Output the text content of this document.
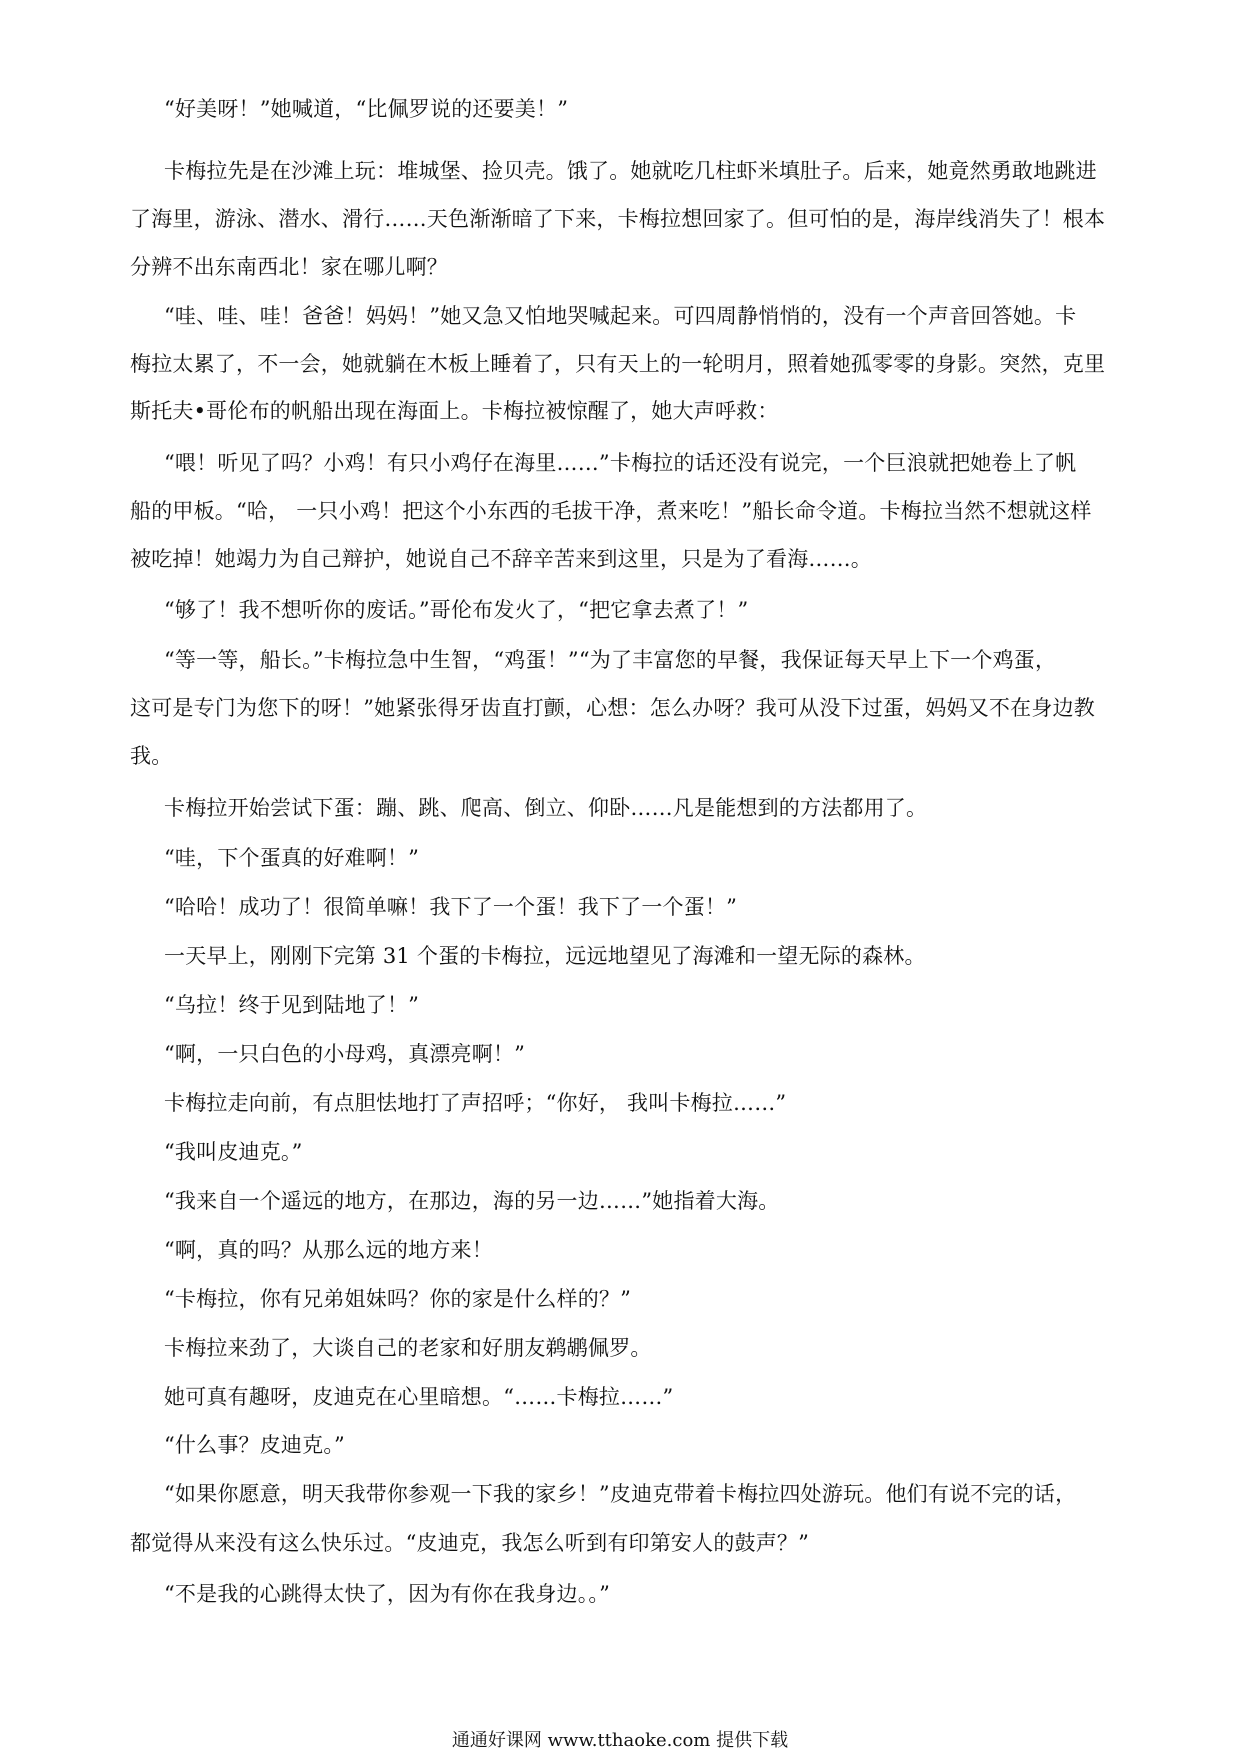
“好美呀！”她喊道，“比佩罗说的还要美！”
卡梅拉先是在沙滩上玩：堆城堡、捡贝壳。饿了。她就吃几柱虾米填肚子。后来，她竟然勇敢地跳进
了海里，游泳、潜水、滑行……天色渐渐暗了下来，卡梅拉想回家了。但可怕的是，海岸线消失了！根本
分辨不出东南西北！家在哪儿啊？
“哇、哇、哇！爸爸！妈妈！”她又急又怕地哭喊起来。可四周静悄悄的，没有一个声音回答她。卡
梅拉太累了，不一会，她就躺在木板上睡着了，只有天上的一轮明月，照着她孤零零的身影。突然，克里
斯托夫•哥伦布的帆船出现在海面上。卡梅拉被惊醒了，她大声呼救：
“喂！听见了吗？小鸡！有只小鸡仔在海里……”卡梅拉的话还没有说完，一个巨浪就把她卷上了帆
船的甲板。“哈， 一只小鸡！把这个小东西的毛拔干净，煮来吃！”船长命令道。卡梅拉当然不想就这样
被吃掉！她竭力为自己辩护，她说自己不辞辛苦来到这里，只是为了看海……。
“够了！我不想听你的废话。”哥伦布发火了，“把它拿去煮了！”
“等一等，船长。”卡梅拉急中生智，“鸡蛋！”“为了丰富您的早餐，我保证每天早上下一个鸡蛋，
这可是专门为您下的呀！”她紧张得牙齿直打颤，心想：怎么办呀？我可从没下过蛋，妈妈又不在身边教
我。
卡梅拉开始尝试下蛋：蹦、跳、爬高、倒立、仰卧……凡是能想到的方法都用了。
“哇，下个蛋真的好难啊！”
“哈哈！成功了！很简单嘛！我下了一个蛋！我下了一个蛋！”
一天早上，刚刚下完第 31 个蛋的卡梅拉，远远地望见了海滩和一望无际的森林。
“乌拉！终于见到陆地了！”
“啊，一只白色的小母鸡，真漂亮啊！”
卡梅拉走向前，有点胆怯地打了声招呼；“你好， 我叫卡梅拉……”
“我叫皮迪克。”
“我来自一个遥远的地方，在那边，海的另一边……”她指着大海。
“啊，真的吗？从那么远的地方来！
“卡梅拉，你有兄弟姐妹吗？你的家是什么样的？”
卡梅拉来劲了，大谈自己的老家和好朋友鹈鹕佩罗。
她可真有趣呀，皮迪克在心里暗想。“……卡梅拉……”
“什么事？皮迪克。”
“如果你愿意，明天我带你参观一下我的家乡！”皮迪克带着卡梅拉四处游玩。他们有说不完的话，
都觉得从来没有这么快乐过。“皮迪克，我怎么听到有印第安人的鼓声？”
“不是我的心跳得太快了，因为有你在我身边。。”
通通好课网 www.tthaoke.com 提供下载
